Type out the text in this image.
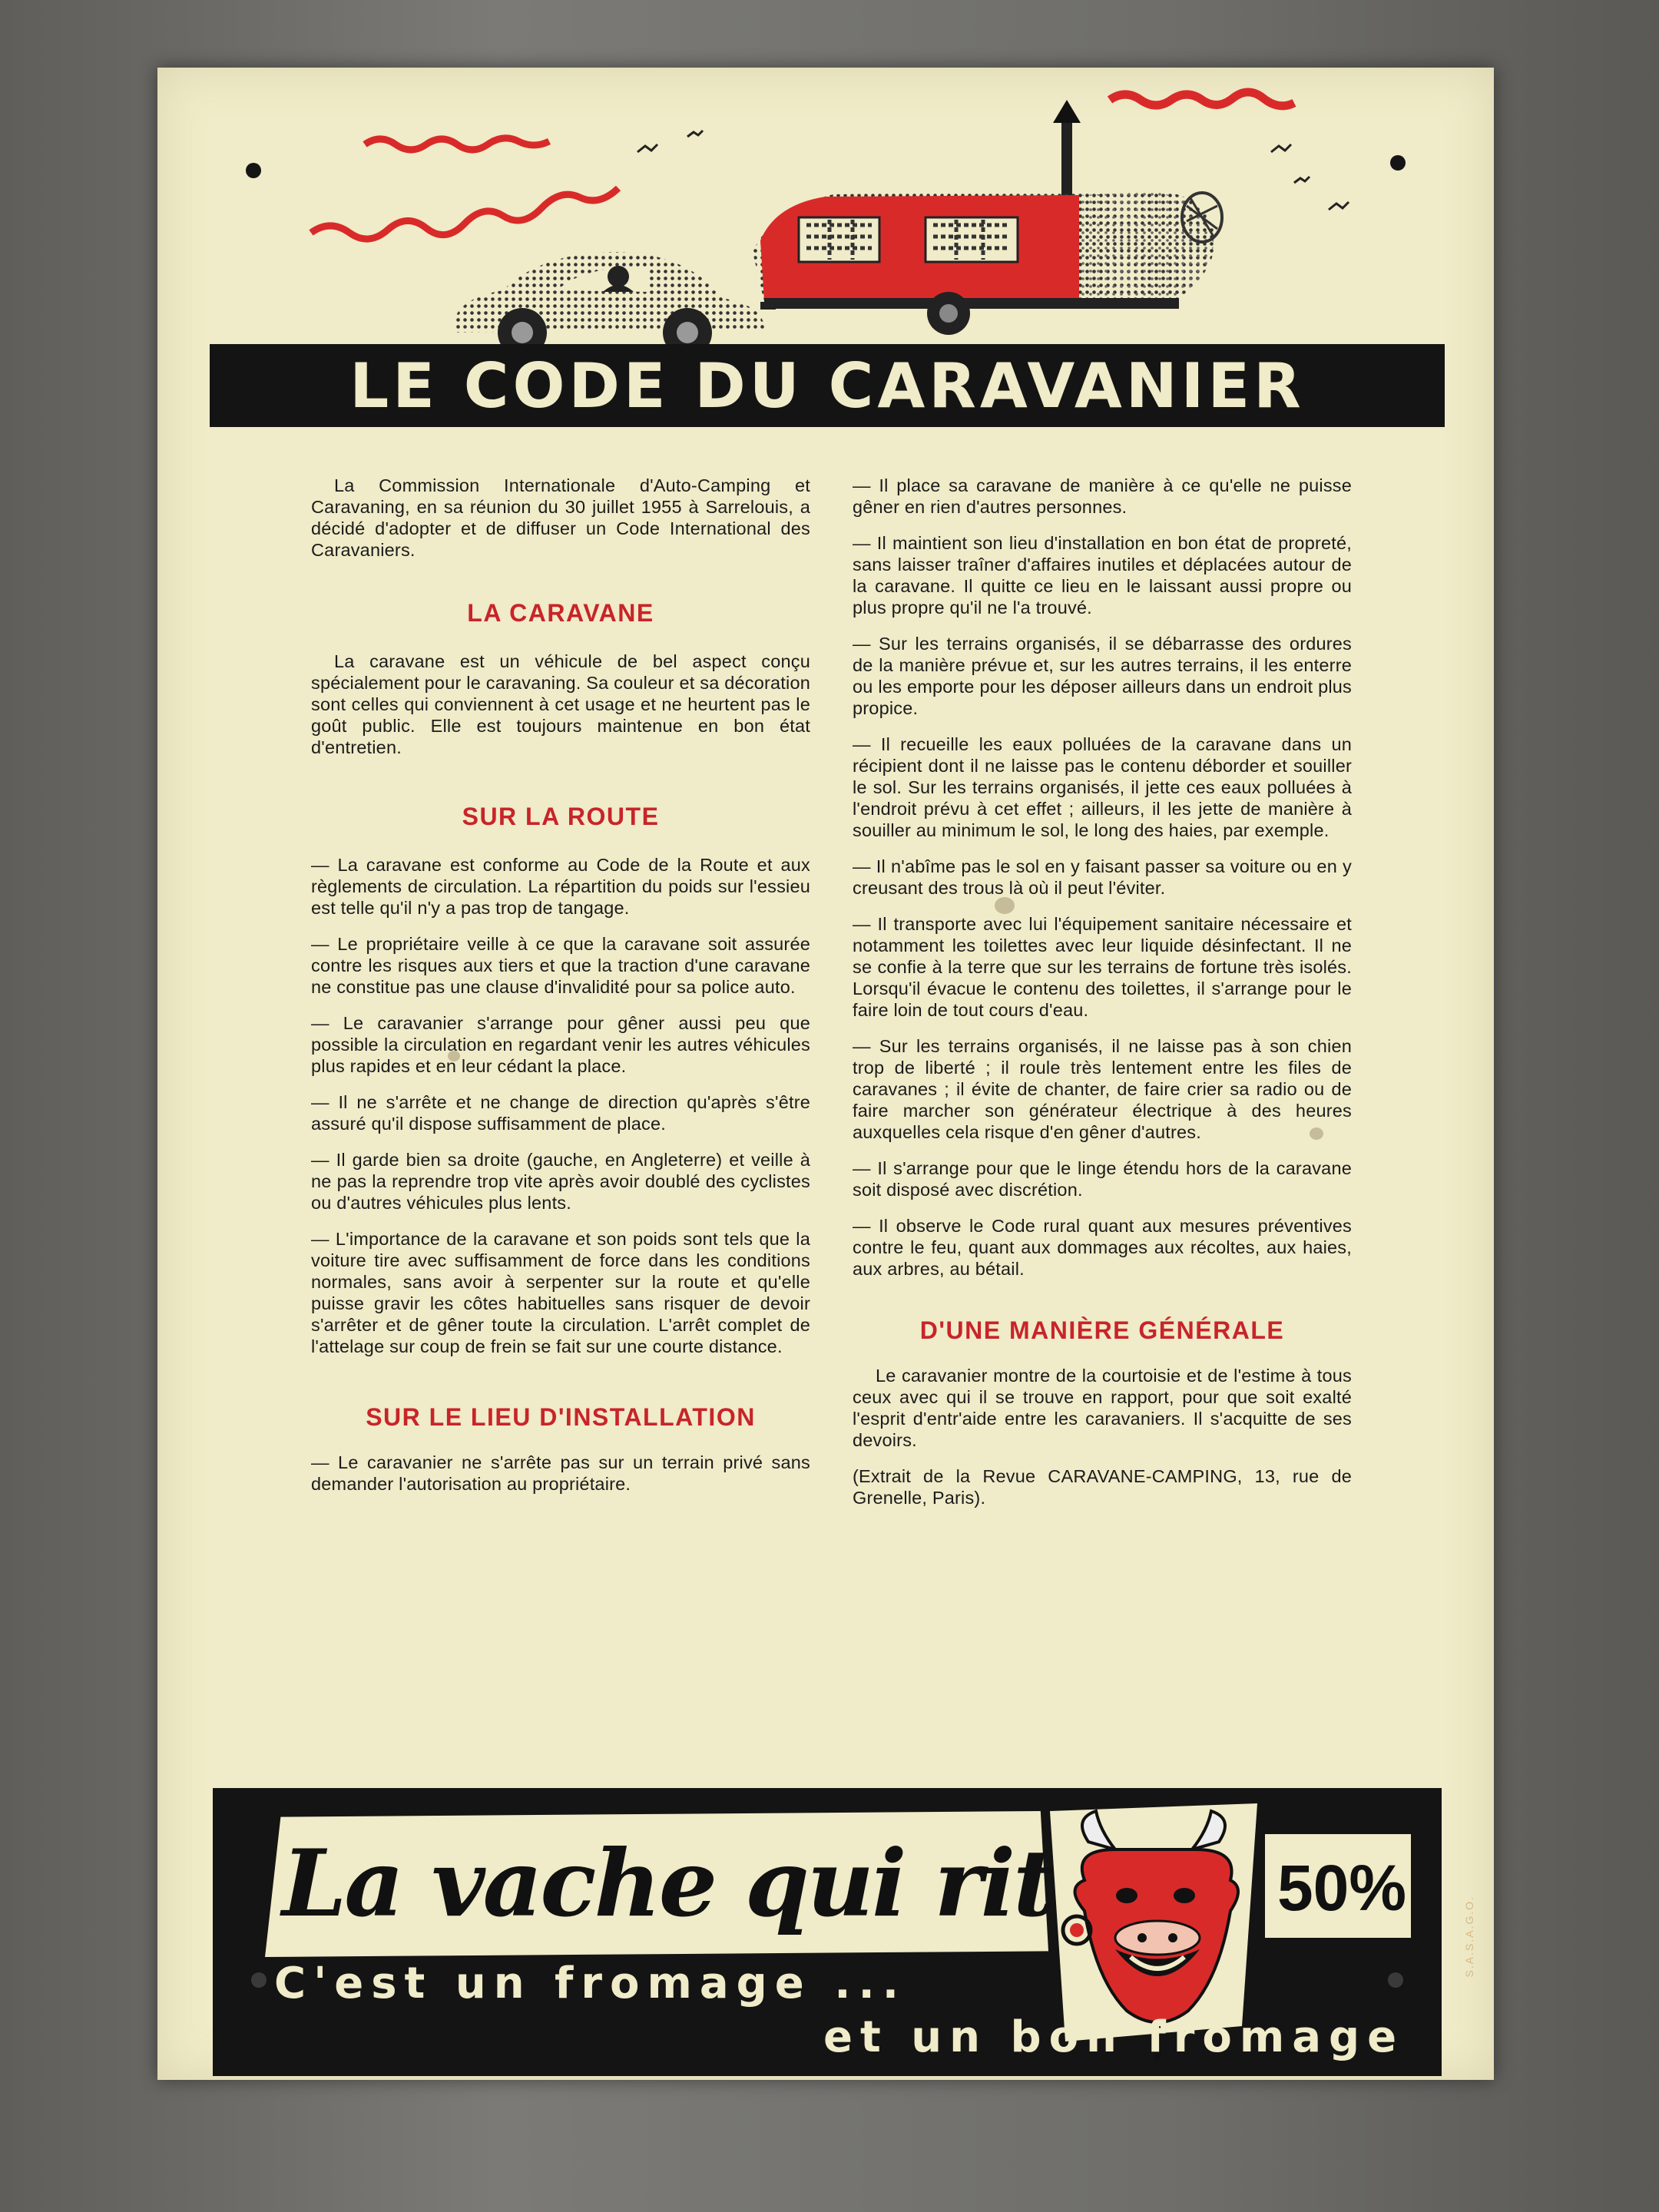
LE CODE DU CARAVANIER

La Commission Internationale d'Auto-Camping et Caravaning, en sa réunion du 30 juillet 1955 à Sarrelouis, a décidé d'adopter et de diffuser un Code International des Caravaniers.

LA CARAVANE

La caravane est un véhicule de bel aspect conçu spécialement pour le caravaning. Sa couleur et sa décoration sont celles qui conviennent à cet usage et ne heurtent pas le goût public. Elle est toujours maintenue en bon état d'entretien.

SUR LA ROUTE

— La caravane est conforme au Code de la Route et aux règlements de circulation. La répartition du poids sur l'essieu est telle qu'il n'y a pas trop de tangage.

— Le propriétaire veille à ce que la caravane soit assurée contre les risques aux tiers et que la traction d'une caravane ne constitue pas une clause d'invalidité pour sa police auto.

— Le caravanier s'arrange pour gêner aussi peu que possible la circulation en regardant venir les autres véhicules plus rapides et en leur cédant la place.

— Il ne s'arrête et ne change de direction qu'après s'être assuré qu'il dispose suffisamment de place.

— Il garde bien sa droite (gauche, en Angleterre) et veille à ne pas la reprendre trop vite après avoir doublé des cyclistes ou d'autres véhicules plus lents.

— L'importance de la caravane et son poids sont tels que la voiture tire avec suffisamment de force dans les conditions normales, sans avoir à serpenter sur la route et qu'elle puisse gravir les côtes habituelles sans risquer de devoir s'arrêter et de gêner toute la circulation. L'arrêt complet de l'attelage sur coup de frein se fait sur une courte distance.

SUR LE LIEU D'INSTALLATION

— Le caravanier ne s'arrête pas sur un terrain privé sans demander l'autorisation au propriétaire.

— Il place sa caravane de manière à ce qu'elle ne puisse gêner en rien d'autres personnes.

— Il maintient son lieu d'installation en bon état de propreté, sans laisser traîner d'affaires inutiles et déplacées autour de la caravane. Il quitte ce lieu en le laissant aussi propre ou plus propre qu'il ne l'a trouvé.

— Sur les terrains organisés, il se débarrasse des ordures de la manière prévue et, sur les autres terrains, il les enterre ou les emporte pour les déposer ailleurs dans un endroit plus propice.

— Il recueille les eaux polluées de la caravane dans un récipient dont il ne laisse pas le contenu déborder et souiller le sol. Sur les terrains organisés, il jette ces eaux polluées à l'endroit prévu à cet effet ; ailleurs, il les jette de manière à souiller au minimum le sol, le long des haies, par exemple.

— Il n'abîme pas le sol en y faisant passer sa voiture ou en y creusant des trous là où il peut l'éviter.

— Il transporte avec lui l'équipement sanitaire nécessaire et notamment les toilettes avec leur liquide désinfectant. Il ne se confie à la terre que sur les terrains de fortune très isolés. Lorsqu'il évacue le contenu des toilettes, il s'arrange pour le faire loin de tout cours d'eau.

— Sur les terrains organisés, il ne laisse pas à son chien trop de liberté ; il roule très lentement entre les files de caravanes ; il évite de chanter, de faire crier sa radio ou de faire marcher son générateur électrique à des heures auxquelles cela risque d'en gêner d'autres.

— Il s'arrange pour que le linge étendu hors de la caravane soit disposé avec discrétion.

— Il observe le Code rural quant aux mesures préventives contre le feu, quant aux dommages aux récoltes, aux haies, aux arbres, au bétail.

D'UNE MANIÈRE GÉNÉRALE

Le caravanier montre de la courtoisie et de l'estime à tous ceux avec qui il se trouve en rapport, pour que soit exalté l'esprit d'entr'aide entre les caravaniers. Il s'acquitte de ses devoirs.

(Extrait de la Revue CARAVANE-CAMPING, 13, rue de Grenelle, Paris).

La vache qui rit	50%
C'est un fromage ...
et un bon fromage
S.A.S.A.G.O.
